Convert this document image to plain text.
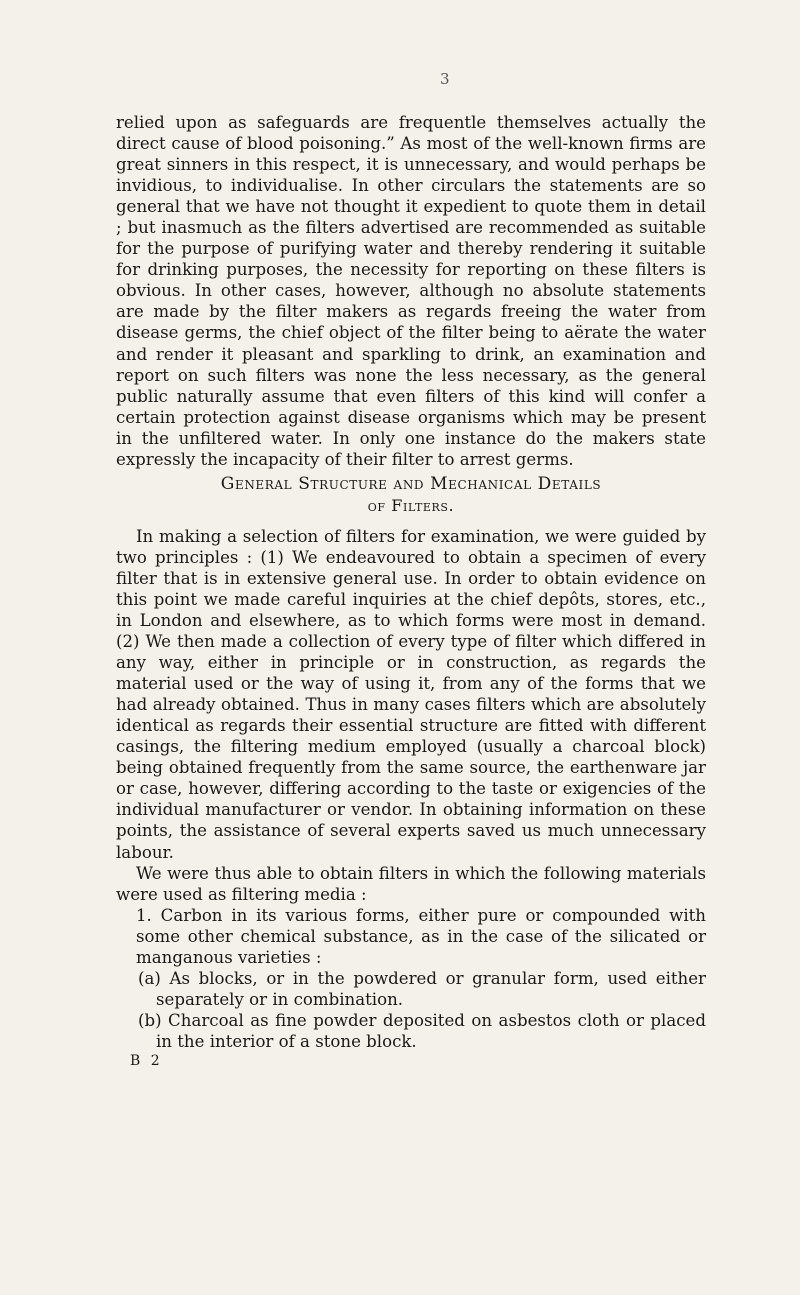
3

relied upon as safeguards are frequentle themselves actually the direct cause of blood poisoning.” As most of the well-known firms are great sinners in this respect, it is unnecessary, and would perhaps be invidious, to individualise. In other circulars the statements are so general that we have not thought it expedient to quote them in detail ; but inasmuch as the filters advertised are recommended as suitable for the purpose of purifying water and thereby rendering it suitable for drinking purposes, the necessity for reporting on these filters is obvious. In other cases, however, although no absolute statements are made by the filter makers as regards freeing the water from disease germs, the chief object of the filter being to aërate the water and render it pleasant and sparkling to drink, an examination and report on such filters was none the less necessary, as the general public naturally assume that even filters of this kind will confer a certain protection against disease organisms which may be present in the unfiltered water. In only one instance do the makers state expressly the incapacity of their filter to arrest germs.

General Structure and Mechanical Details
of Filters.

In making a selection of filters for examination, we were guided by two principles : (1) We endeavoured to obtain a specimen of every filter that is in extensive general use. In order to obtain evidence on this point we made careful inquiries at the chief depôts, stores, etc., in London and elsewhere, as to which forms were most in demand. (2) We then made a collection of every type of filter which differed in any way, either in principle or in construction, as regards the material used or the way of using it, from any of the forms that we had already obtained. Thus in many cases filters which are absolutely identical as regards their essential structure are fitted with different casings, the filtering medium employed (usually a charcoal block) being obtained frequently from the same source, the earthenware jar or case, however, differing according to the taste or exigencies of the individual manufacturer or vendor. In obtaining information on these points, the assistance of several experts saved us much unnecessary labour.

We were thus able to obtain filters in which the following materials were used as filtering media :

1. Carbon in its various forms, either pure or compounded with some other chemical substance, as in the case of the silicated or manganous varieties :

(a) As blocks, or in the powdered or granular form, used either separately or in combination.

(b) Charcoal as fine powder deposited on asbestos cloth or placed in the interior of a stone block.

B 2
